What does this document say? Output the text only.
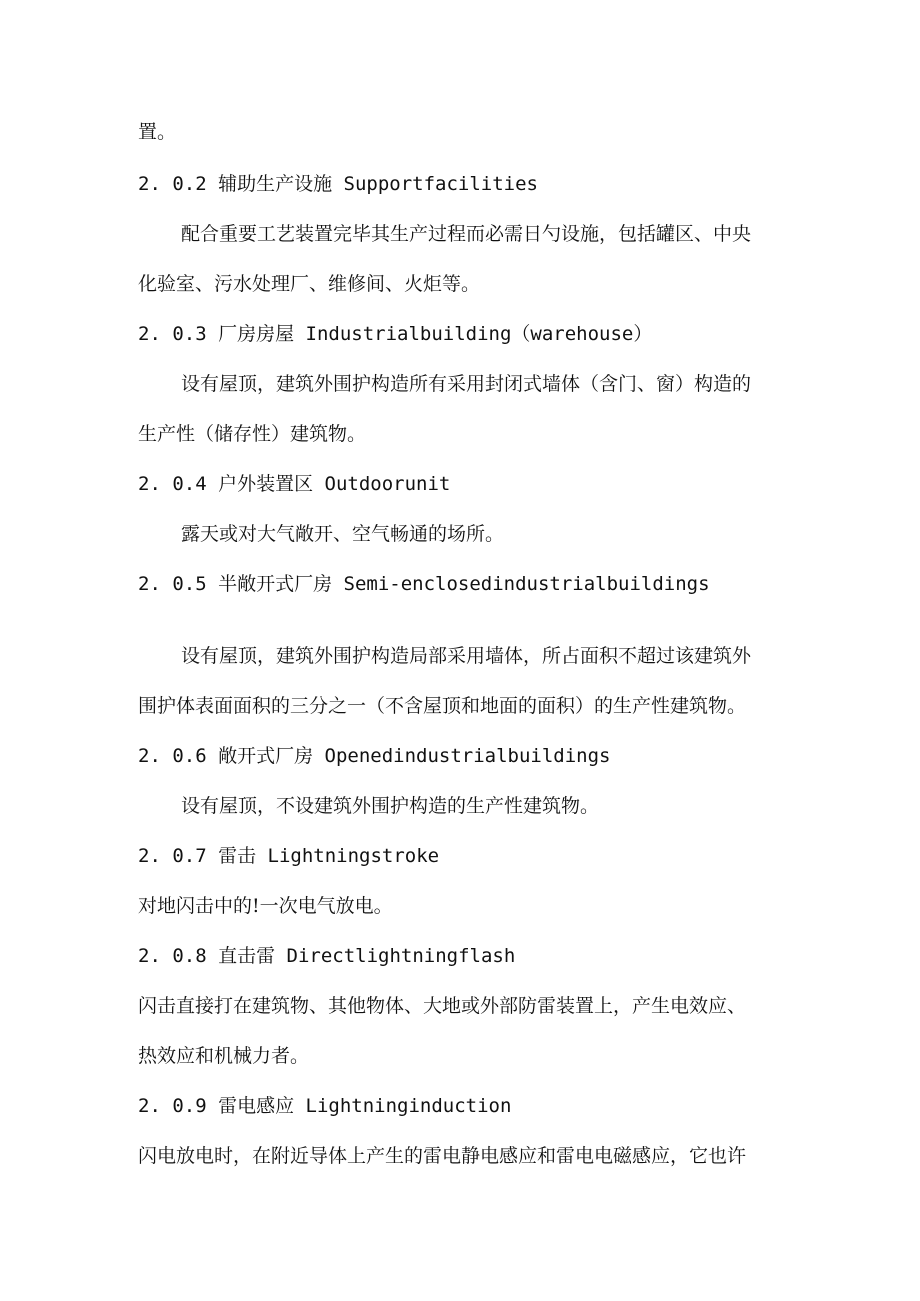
置。

2. 0.2 辅助生产设施 Supportfacilities

配合重要工艺装置完毕其生产过程而必需日勺设施，包括罐区、中央

化验室、污水处理厂、维修间、火炬等。

2. 0.3 厂房房屋 Industrialbuilding（warehouse）

设有屋顶，建筑外围护构造所有采用封闭式墙体（含门、窗）构造的

生产性（储存性）建筑物。

2. 0.4 户外装置区 Outdoorunit

露天或对大气敞开、空气畅通的场所。

2. 0.5 半敞开式厂房 Semi-enclosedindustrialbuildings

设有屋顶，建筑外围护构造局部采用墙体，所占面积不超过该建筑外

围护体表面面积的三分之一（不含屋顶和地面的面积）的生产性建筑物。

2. 0.6 敞开式厂房 Openedindustrialbuildings

设有屋顶，不设建筑外围护构造的生产性建筑物。

2. 0.7 雷击 Lightningstroke

对地闪击中的!一次电气放电。

2. 0.8 直击雷 Directlightningflash

闪击直接打在建筑物、其他物体、大地或外部防雷装置上，产生电效应、

热效应和机械力者。

2. 0.9 雷电感应 Lightninginduction

闪电放电时，在附近导体上产生的雷电静电感应和雷电电磁感应，它也许
